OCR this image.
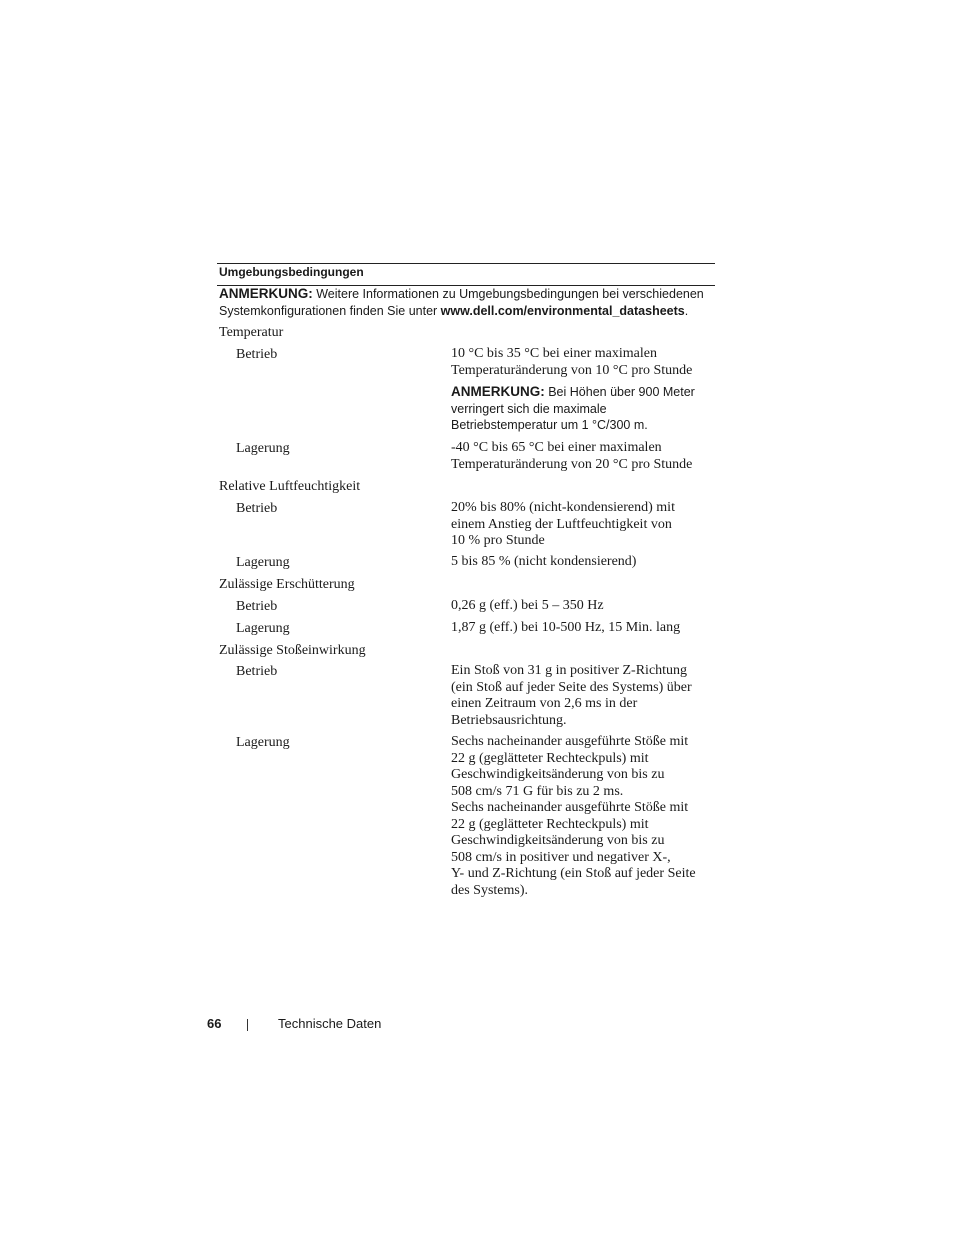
Umgebungsbedingungen
ANMERKUNG: Weitere Informationen zu Umgebungsbedingungen bei verschiedenen
Systemkonfigurationen finden Sie unter www.dell.com/environmental_datasheets.
Temperatur
Betrieb	10 °C bis 35 °C bei einer maximalen
Temperaturänderung von 10 °C pro Stunde
ANMERKUNG: Bei Höhen über 900 Meter
verringert sich die maximale
Betriebstemperatur um 1 °C/300 m.
Lagerung	-40 °C bis 65 °C bei einer maximalen
Temperaturänderung von 20 °C pro Stunde
Relative Luftfeuchtigkeit
Betrieb	20% bis 80% (nicht-kondensierend) mit
einem Anstieg der Luftfeuchtigkeit von
10 % pro Stunde
Lagerung	5 bis 85 % (nicht kondensierend)
Zulässige Erschütterung
Betrieb	0,26 g (eff.) bei 5 – 350 Hz
Lagerung	1,87 g (eff.) bei 10-500 Hz, 15 Min. lang
Zulässige Stoßeinwirkung
Betrieb	Ein Stoß von 31 g in positiver Z-Richtung
(ein Stoß auf jeder Seite des Systems) über
einen Zeitraum von 2,6 ms in der
Betriebsausrichtung.
Lagerung	Sechs nacheinander ausgeführte Stöße mit
22 g (geglätteter Rechteckpuls) mit
Geschwindigkeitsänderung von bis zu
508 cm/s 71 G für bis zu 2 ms.
Sechs nacheinander ausgeführte Stöße mit
22 g (geglätteter Rechteckpuls) mit
Geschwindigkeitsänderung von bis zu
508 cm/s in positiver und negativer X-,
Y- und Z-Richtung (ein Stoß auf jeder Seite
des Systems).
66	Technische Daten
